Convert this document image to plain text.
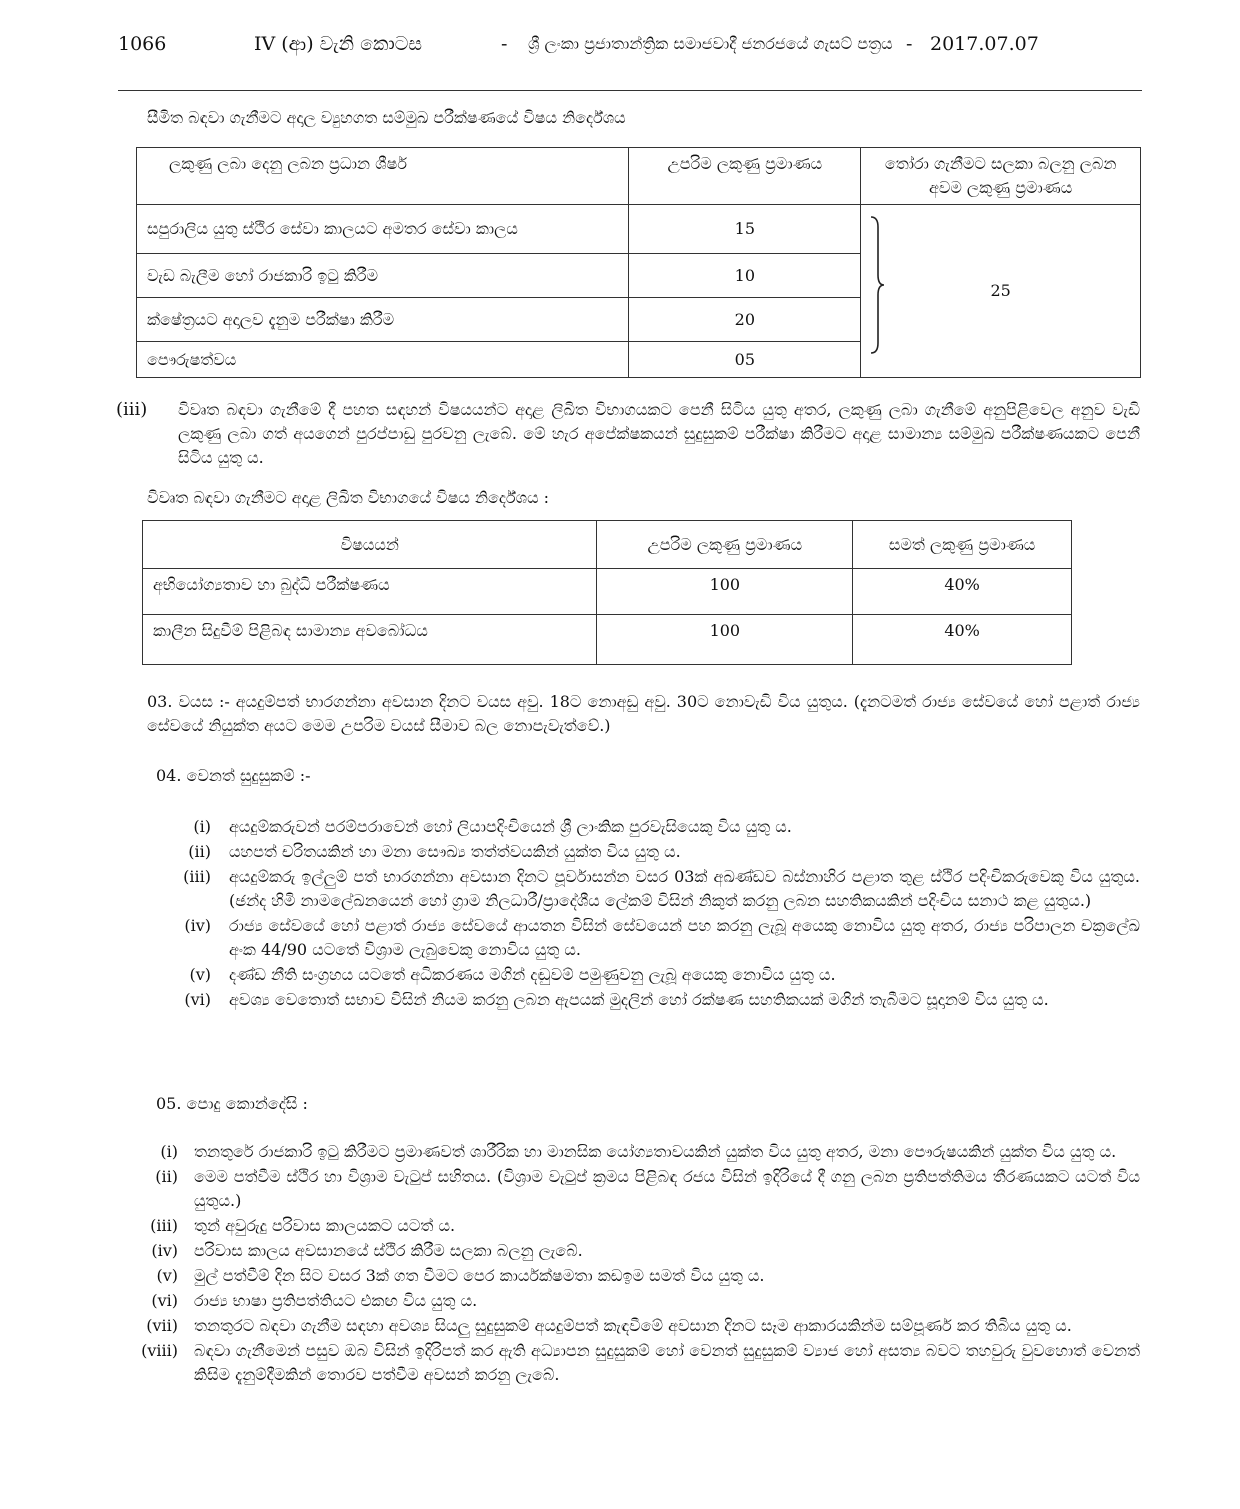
1066	IV (ආ) වැනි කොටස	- ශ්‍රී ලංකා ප්‍රජාතාන්ත්‍රික සමාජවාදී ජනරජයේ ගැසට් පත්‍රය - 2017.07.07
සීමිත බඳවා ගැනීමට අදාල ව්‍යුහගත සම්මුඛ පරීක්ෂණයේ විෂය නිර්දේශය
ලකුණු ලබා දෙනු ලබන ප්‍රධාන ශීර්ෂ	උපරිම ලකුණු ප්‍රමාණය	තෝරා ගැනීමට සලකා බලනු ලබන අවම ලකුණු ප්‍රමාණය
සපුරාලිය යුතු ස්ථිර සේවා කාලයට අමතර සේවා කාලය	15	25
වැඩ බැලීම හෝ රාජකාරි ඉටු කිරීම	10	
ක්ෂේත්‍රයට අදාලව දැනුම පරීක්ෂා කිරීම	20	
පෞරුෂත්වය	05	
(iii) විවෘත බඳවා ගැනීමේ දී පහත සඳහන් විෂයයන්ට අදාළ ලිඛිත විභාගයකට පෙනී සිටිය යුතු අතර, ලකුණු ලබා ගැනීමේ අනුපිළිවෙල අනුව වැඩි ලකුණු ලබා ගත් අයගෙන් පුරප්පාඩු පුරවනු ලැබේ. මේ හැර අපේක්ෂකයන් සුදුසුකම් පරීක්ෂා කිරීමට අදාළ සාමාන්‍ය සම්මුඛ පරීක්ෂණයකට පෙනී සිටිය යුතු ය.
විවෘත බඳවා ගැනීමට අදාළ ලිඛිත විභාගයේ විෂය නිර්දේශය :
විෂයයන්	උපරිම ලකුණු ප්‍රමාණය	සමත් ලකුණු ප්‍රමාණය
අභියෝග්‍යතාව හා බුද්ධි පරීක්ෂණය	100	40%
කාලීන සිදුවීම් පිළිබඳ සාමාන්‍ය අවබෝධය	100	40%
03. වයස :- අයදුම්පත් භාරගන්නා අවසාන දිනට වයස අවු. 18ට නොඅඩු අවු. 30ට නොවැඩි විය යුතුය. (දැනටමත් රාජ්‍ය සේවයේ හෝ පළාත් රාජ්‍ය සේවයේ නියුක්ත අයට මෙම උපරිම වයස් සීමාව බල නොපැවැත්වේ.)
04. වෙනත් සුදුසුකම් :-
(i) අයදුම්කරුවන් පරම්පරාවෙන් හෝ ලියාපදිංචියෙන් ශ්‍රී ලාංකික පුරවැසියෙකු විය යුතු ය.
(ii) යහපත් චරිතයකින් හා මනා සෞඛ්‍ය තත්ත්වයකින් යුක්ත විය යුතු ය.
(iii) අයදුම්කරු ඉල්ලුම් පත් භාරගන්නා අවසාන දිනට පූර්වාසන්න වසර 03ක් අඛණ්ඩව බස්නාහිර පළාත තුළ ස්ථිර පදිංචිකරුවෙකු විය යුතුය. (ඡන්ද හිමි නාමලේඛනයෙන් හෝ ග්‍රාම නිලධාරී/ප්‍රාදේශීය ලේකම් විසින් නිකුත් කරනු ලබන සහතිකයකින් පදිංචිය සනාථ කළ යුතුය.)
(iv) රාජ්‍ය සේවයේ හෝ පළාත් රාජ්‍ය සේවයේ ආයතන විසින් සේවයෙන් පහ කරනු ලැබූ අයෙකු නොවිය යුතු අතර, රාජ්‍ය පරිපාලන චක්‍රලේඛ අංක 44/90 යටතේ විශ්‍රාම ලැබුවෙකු නොවිය යුතු ය.
(v) දණ්ඩ නීති සංග්‍රහය යටතේ අධිකරණය මගින් දඬුවම් පමුණුවනු ලැබූ අයෙකු නොවිය යුතු ය.
(vi) අවශ්‍ය වෙතොත් සභාව විසින් නියම කරනු ලබන ඇපයක් මුදලින් හෝ රක්ෂණ සහතිකයක් මගින් තැබීමට සූදානම් විය යුතු ය.
05. පොදු කොන්දේසි :
(i) තනතුරේ රාජකාරි ඉටු කිරීමට ප්‍රමාණවත් ශාරීරික හා මානසික යෝග්‍යතාවයකින් යුක්ත විය යුතු අතර, මනා පෞරුෂයකින් යුක්ත විය යුතු ය.
(ii) මෙම පත්වීම ස්ථිර හා විශ්‍රාම වැටුප් සහිතය. (විශ්‍රාම වැටුප් ක්‍රමය පිළිබඳ රජය විසින් ඉදිරියේ දී ගනු ලබන ප්‍රතිපත්තිමය තීරණයකට යටත් විය යුතුය.)
(iii) තුන් අවුරුදු පරිවාස කාලයකට යටත් ය.
(iv) පරිවාස කාලය අවසානයේ ස්ථිර කිරීම සලකා බලනු ලැබේ.
(v) මුල් පත්වීම් දින සිට වසර 3ක් ගත වීමට පෙර කාර්යක්ෂමතා කඩඉම සමත් විය යුතු ය.
(vi) රාජ්‍ය භාෂා ප්‍රතිපත්තියට එකඟ විය යුතු ය.
(vii) තනතුරට බඳවා ගැනීම සඳහා අවශ්‍ය සියලු සුදුසුකම් අයදුම්පත් කැඳවීමේ අවසාන දිනට සෑම ආකාරයකින්ම සම්පූර්ණ කර තිබිය යුතු ය.
(viii) බඳවා ගැනීමෙන් පසුව ඔබ විසින් ඉදිරිපත් කර ඇති අධ්‍යාපන සුදුසුකම් හෝ වෙනත් සුදුසුකම් ව්‍යාජ හෝ අසත්‍ය බවට තහවුරු වුවහොත් වෙනත් කිසිම දැනුම්දීමකින් තොරව පත්වීම අවසන් කරනු ලැබේ.
